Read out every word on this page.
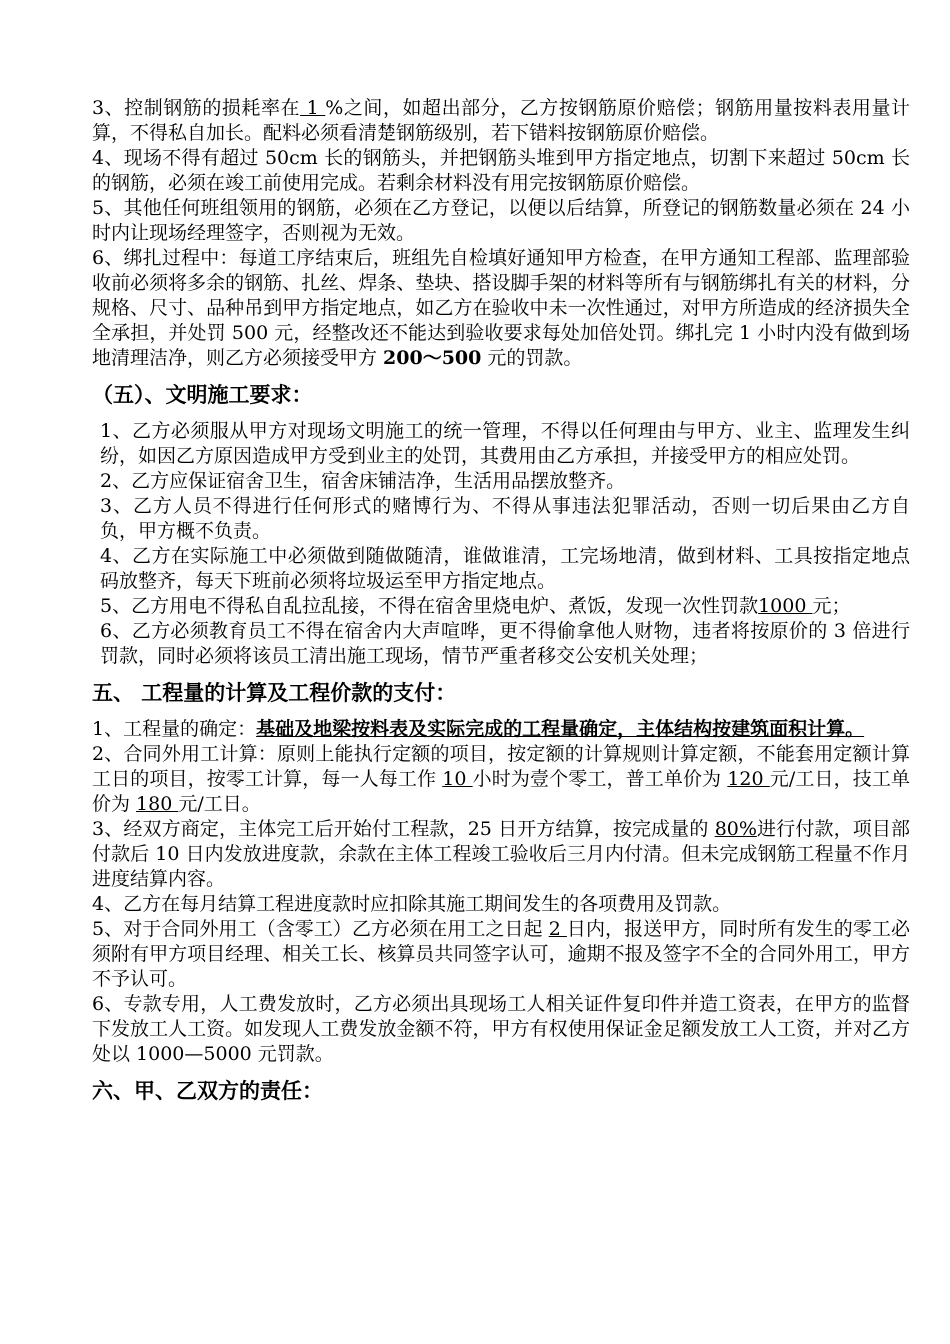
3、控制钢筋的损耗率在 1 %之间，如超出部分，乙方按钢筋原价赔偿；钢筋用量按料表用量计算，不得私自加长。配料必须看清楚钢筋级别，若下错料按钢筋原价赔偿。

4、现场不得有超过 50cm 长的钢筋头，并把钢筋头堆到甲方指定地点，切割下来超过 50cm 长的钢筋，必须在竣工前使用完成。若剩余材料没有用完按钢筋原价赔偿。

5、其他任何班组领用的钢筋，必须在乙方登记，以便以后结算，所登记的钢筋数量必须在 24 小时内让现场经理签字，否则视为无效。

6、绑扎过程中：每道工序结束后，班组先自检填好通知甲方检查，在甲方通知工程部、监理部验收前必须将多余的钢筋、扎丝、焊条、垫块、搭设脚手架的材料等所有与钢筋绑扎有关的材料，分规格、尺寸、品种吊到甲方指定地点，如乙方在验收中未一次性通过，对甲方所造成的经济损失全全承担，并处罚 500 元，经整改还不能达到验收要求每处加倍处罚。绑扎完 1 小时内没有做到场地清理洁净，则乙方必须接受甲方 200～500 元的罚款。

（五）、文明施工要求：

1、乙方必须服从甲方对现场文明施工的统一管理，不得以任何理由与甲方、业主、监理发生纠纷，如因乙方原因造成甲方受到业主的处罚，其费用由乙方承担，并接受甲方的相应处罚。

2、乙方应保证宿舍卫生，宿舍床铺洁净，生活用品摆放整齐。

3、乙方人员不得进行任何形式的赌博行为、不得从事违法犯罪活动，否则一切后果由乙方自负，甲方概不负责。

4、乙方在实际施工中必须做到随做随清，谁做谁清，工完场地清，做到材料、工具按指定地点码放整齐，每天下班前必须将垃圾运至甲方指定地点。

5、乙方用电不得私自乱拉乱接，不得在宿舍里烧电炉、煮饭，发现一次性罚款1000 元；

6、乙方必须教育员工不得在宿舍内大声喧哗，更不得偷拿他人财物，违者将按原价的 3 倍进行罚款，同时必须将该员工清出施工现场，情节严重者移交公安机关处理；

五、 工程量的计算及工程价款的支付：

1、工程量的确定：基础及地梁按料表及实际完成的工程量确定，主体结构按建筑面积计算。

2、合同外用工计算：原则上能执行定额的项目，按定额的计算规则计算定额，不能套用定额计算工日的项目，按零工计算，每一人每工作 10 小时为壹个零工，普工单价为 120 元/工日，技工单价为 180 元/工日。

3、经双方商定，主体完工后开始付工程款，25 日开方结算，按完成量的 80%进行付款，项目部付款后 10 日内发放进度款，余款在主体工程竣工验收后三月内付清。但未完成钢筋工程量不作月进度结算内容。

4、乙方在每月结算工程进度款时应扣除其施工期间发生的各项费用及罚款。

5、对于合同外用工（含零工）乙方必须在用工之日起 2 日内，报送甲方，同时所有发生的零工必须附有甲方项目经理、相关工长、核算员共同签字认可，逾期不报及签字不全的合同外用工，甲方不予认可。

6、专款专用，人工费发放时，乙方必须出具现场工人相关证件复印件并造工资表，在甲方的监督下发放工人工资。如发现人工费发放金额不符，甲方有权使用保证金足额发放工人工资，并对乙方处以 1000—5000 元罚款。

六、甲、乙双方的责任：
